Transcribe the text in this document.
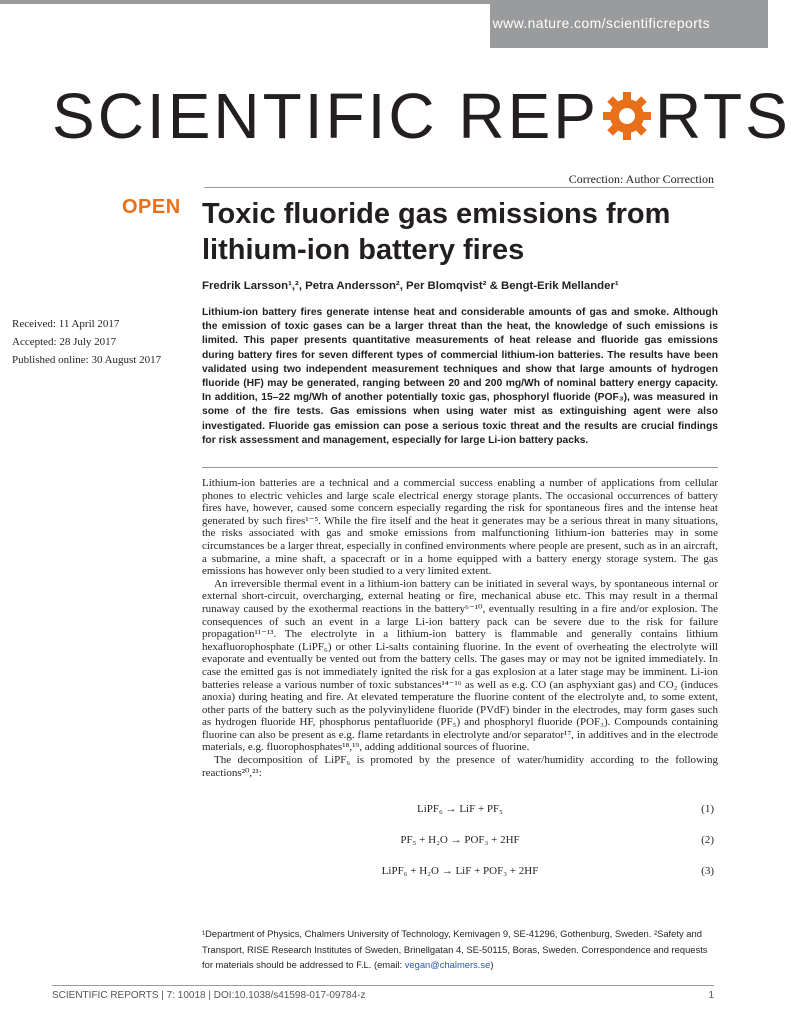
www.nature.com/scientificreports
SCIENTIFIC REP RTS
Correction: Author Correction
OPEN Toxic fluoride gas emissions from lithium-ion battery fires
Fredrik Larsson¹,², Petra Andersson², Per Blomqvist² & Bengt-Erik Mellander¹
Lithium-ion battery fires generate intense heat and considerable amounts of gas and smoke. Although the emission of toxic gases can be a larger threat than the heat, the knowledge of such emissions is limited. This paper presents quantitative measurements of heat release and fluoride gas emissions during battery fires for seven different types of commercial lithium-ion batteries. The results have been validated using two independent measurement techniques and show that large amounts of hydrogen fluoride (HF) may be generated, ranging between 20 and 200 mg/Wh of nominal battery energy capacity. In addition, 15–22 mg/Wh of another potentially toxic gas, phosphoryl fluoride (POF₃), was measured in some of the fire tests. Gas emissions when using water mist as extinguishing agent were also investigated. Fluoride gas emission can pose a serious toxic threat and the results are crucial findings for risk assessment and management, especially for large Li-ion battery packs.
Received: 11 April 2017
Accepted: 28 July 2017
Published online: 30 August 2017

Lithium-ion batteries are a technical and a commercial success enabling a number of applications from cellular phones to electric vehicles and large scale electrical energy storage plants. The occasional occurrences of battery fires have, however, caused some concern especially regarding the risk for spontaneous fires and the intense heat generated by such fires¹⁻⁵. While the fire itself and the heat it generates may be a serious threat in many situations, the risks associated with gas and smoke emissions from malfunctioning lithium-ion batteries may in some circumstances be a larger threat, especially in confined environments where people are present, such as in an aircraft, a submarine, a mine shaft, a spacecraft or in a home equipped with a battery energy storage system. The gas emissions has however only been studied to a very limited extent.

An irreversible thermal event in a lithium-ion battery can be initiated in several ways, by spontaneous internal or external short-circuit, overcharging, external heating or fire, mechanical abuse etc. This may result in a thermal runaway caused by the exothermal reactions in the battery⁶⁻¹⁰, eventually resulting in a fire and/or explosion. The consequences of such an event in a large Li-ion battery pack can be severe due to the risk for failure propagation¹¹⁻¹³. The electrolyte in a lithium-ion battery is flammable and generally contains lithium hexafluorophosphate (LiPF₆) or other Li-salts containing fluorine. In the event of overheating the electrolyte will evaporate and eventually be vented out from the battery cells. The gases may or may not be ignited immediately. In case the emitted gas is not immediately ignited the risk for a gas explosion at a later stage may be imminent. Li-ion batteries release a various number of toxic substances¹⁴⁻¹⁶ as well as e.g. CO (an asphyxiant gas) and CO₂ (induces anoxia) during heating and fire. At elevated temperature the fluorine content of the electrolyte and, to some extent, other parts of the battery such as the polyvinylidene fluoride (PVdF) binder in the electrodes, may form gases such as hydrogen fluoride HF, phosphorus pentafluoride (PF₅) and phosphoryl fluoride (POF₃). Compounds containing fluorine can also be present as e.g. flame retardants in electrolyte and/or separator¹⁷, in additives and in the electrode materials, e.g. fluorophosphates¹⁸,¹⁹, adding additional sources of fluorine.

The decomposition of LiPF₆ is promoted by the presence of water/humidity according to the following reactions²⁰,²¹:

LiPF₆ → LiF + PF₅	(1)
PF₅ + H₂O → POF₃ + 2HF	(2)
LiPF₆ + H₂O → LiF + POF₃ + 2HF	(3)
¹Department of Physics, Chalmers University of Technology, Kemivagen 9, SE-41296, Gothenburg, Sweden. ²Safety and Transport, RISE Research Institutes of Sweden, Brinellgatan 4, SE-50115, Boras, Sweden. Correspondence and requests for materials should be addressed to F.L. (email: vegan@chalmers.se)
SCIENTIFIC REPORTS | 7: 10018 | DOI:10.1038/s41598-017-09784-z	1
